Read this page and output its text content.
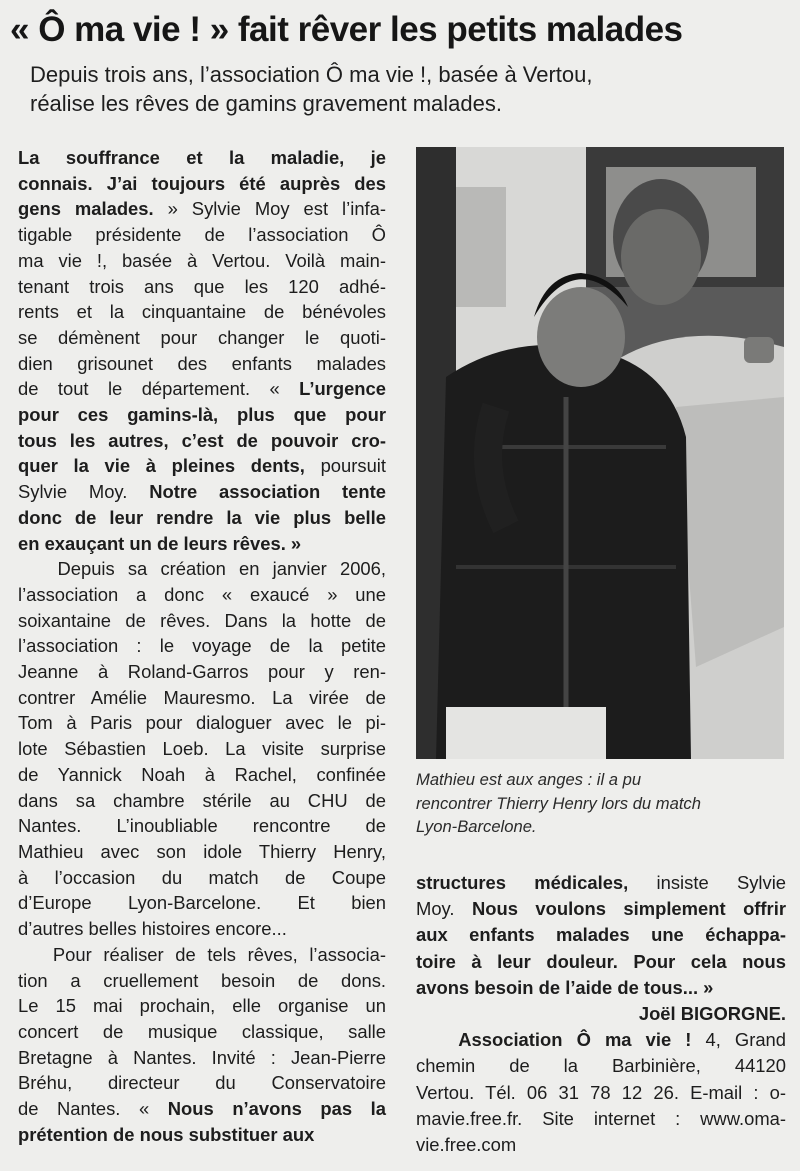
« Ô ma vie ! » fait rêver les petits malades
Depuis trois ans, l’association Ô ma vie !, basée à Vertou,
réalise les rêves de gamins gravement malades.
La souffrance et la maladie, je
connais. J’ai toujours été auprès des
gens malades. » Sylvie Moy est l’infa-
tigable présidente de l’association Ô
ma vie !, basée à Vertou. Voilà main-
tenant trois ans que les 120 adhé-
rents et la cinquantaine de bénévoles
se démènent pour changer le quoti-
dien grisounet des enfants malades
de tout le département. « L’urgence
pour ces gamins-là, plus que pour
tous les autres, c’est de pouvoir cro-
quer la vie à pleines dents, poursuit
Sylvie Moy. Notre association tente
donc de leur rendre la vie plus belle
en exauçant un de leurs rêves. »
Depuis sa création en janvier 2006,
l’association a donc « exaucé » une
soixantaine de rêves. Dans la hotte de
l’association : le voyage de la petite
Jeanne à Roland-Garros pour y ren-
contrer Amélie Mauresmo. La virée de
Tom à Paris pour dialoguer avec le pi-
lote Sébastien Loeb. La visite surprise
de Yannick Noah à Rachel, confinée
dans sa chambre stérile au CHU de
Nantes. L’inoubliable rencontre de
Mathieu avec son idole Thierry Henry,
à l’occasion du match de Coupe
d’Europe Lyon-Barcelone. Et bien
d’autres belles histoires encore...
Pour réaliser de tels rêves, l’associa-
tion a cruellement besoin de dons.
Le 15 mai prochain, elle organise un
concert de musique classique, salle
Bretagne à Nantes. Invité : Jean-Pierre
Bréhu, directeur du Conservatoire
de Nantes. « Nous n’avons pas la
prétention de nous substituer aux
Mathieu est aux anges : il a pu
rencontrer Thierry Henry lors du match
Lyon-Barcelone.
structures médicales, insiste Sylvie
Moy. Nous voulons simplement offrir
aux enfants malades une échappa-
toire à leur douleur. Pour cela nous
avons besoin de l’aide de tous... »
Joël BIGORGNE.
Association Ô ma vie ! 4, Grand
chemin de la Barbinière, 44120
Vertou. Tél. 06 31 78 12 26. E-mail : o-
mavie.free.fr. Site internet : www.oma-
vie.free.com
